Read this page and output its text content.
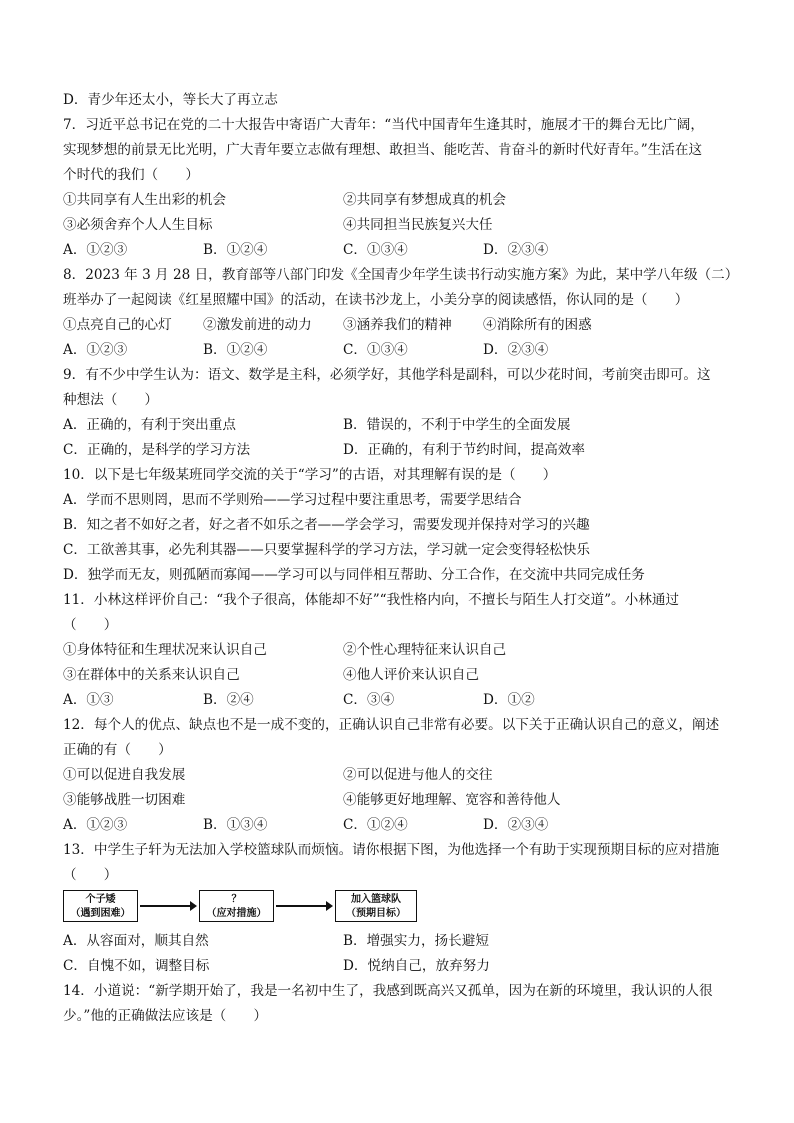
D．青少年还太小，等长大了再立志
7．习近平总书记在党的二十大报告中寄语广大青年：“当代中国青年生逢其时，施展才干的舞台无比广阔，
实现梦想的前景无比光明，广大青年要立志做有理想、敢担当、能吃苦、肯奋斗的新时代好青年。”生活在这
个时代的我们（　　）
①共同享有人生出彩的机会	②共同享有梦想成真的机会
③必须舍弃个人人生目标	④共同担当民族复兴大任
A．①②③	B．①②④	C．①③④	D．②③④
8．2023 年 3 月 28 日，教育部等八部门印发《全国青少年学生读书行动实施方案》为此，某中学八年级（二）
班举办了一起阅读《红星照耀中国》的活动，在读书沙龙上，小美分享的阅读感悟，你认同的是（　　）
①点亮自己的心灯 ②激发前进的动力 ③涵养我们的精神 ④消除所有的困惑
A．①②③	B．①②④	C．①③④	D．②③④
9．有不少中学生认为：语文、数学是主科，必须学好，其他学科是副科，可以少花时间，考前突击即可。这
种想法（　　）
A．正确的，有利于突出重点	B．错误的，不利于中学生的全面发展
C．正确的，是科学的学习方法	D．正确的，有利于节约时间，提高效率
10．以下是七年级某班同学交流的关于“学习”的古语，对其理解有误的是（　　）
A．学而不思则罔，思而不学则殆——学习过程中要注重思考，需要学思结合
B．知之者不如好之者，好之者不如乐之者——学会学习，需要发现并保持对学习的兴趣
C．工欲善其事，必先利其器——只要掌握科学的学习方法，学习就一定会变得轻松快乐
D．独学而无友，则孤陋而寡闻——学习可以与同伴相互帮助、分工合作，在交流中共同完成任务
11．小林这样评价自己：“我个子很高，体能却不好”“我性格内向，不擅长与陌生人打交道”。小林通过
（　　）
①身体特征和生理状况来认识自己	②个性心理特征来认识自己
③在群体中的关系来认识自己	④他人评价来认识自己
A．①③	B．②④	C．③④	D．①②
12．每个人的优点、缺点也不是一成不变的，正确认识自己非常有必要。以下关于正确认识自己的意义，阐述
正确的有（　　）
①可以促进自我发展	②可以促进与他人的交往
③能够战胜一切困难	④能够更好地理解、宽容和善待他人
A．①②③	B．①③④	C．①②④	D．②③④
13．中学生子轩为无法加入学校篮球队而烦恼。请你根据下图，为他选择一个有助于实现预期目标的应对措施
（　　）
个子矮
（遇到困难）
？
（应对措施）
加入篮球队
（预期目标）
A．从容面对，顺其自然	B．增强实力，扬长避短
C．自愧不如，调整目标	D．悦纳自己，放弃努力
14．小道说：“新学期开始了，我是一名初中生了，我感到既高兴又孤单，因为在新的环境里，我认识的人很
少。”他的正确做法应该是（　　）
